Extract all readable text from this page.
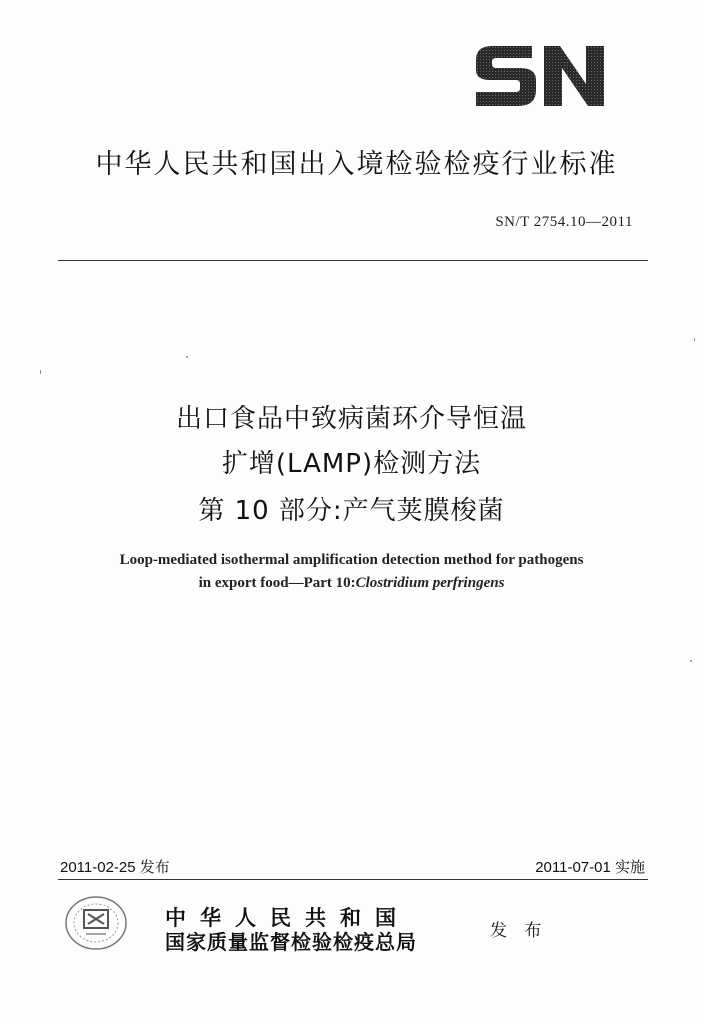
中华人民共和国出入境检验检疫行业标准
SN/T 2754.10—2011
出口食品中致病菌环介导恒温
扩增(LAMP)检测方法
第 10 部分:产气荚膜梭菌
Loop-mediated isothermal amplification detection method for pathogens
in export food—Part 10:Clostridium perfringens
2011-02-25 发布	2011-07-01 实施
中华人民共和国
国家质量监督检验检疫总局	发 布
